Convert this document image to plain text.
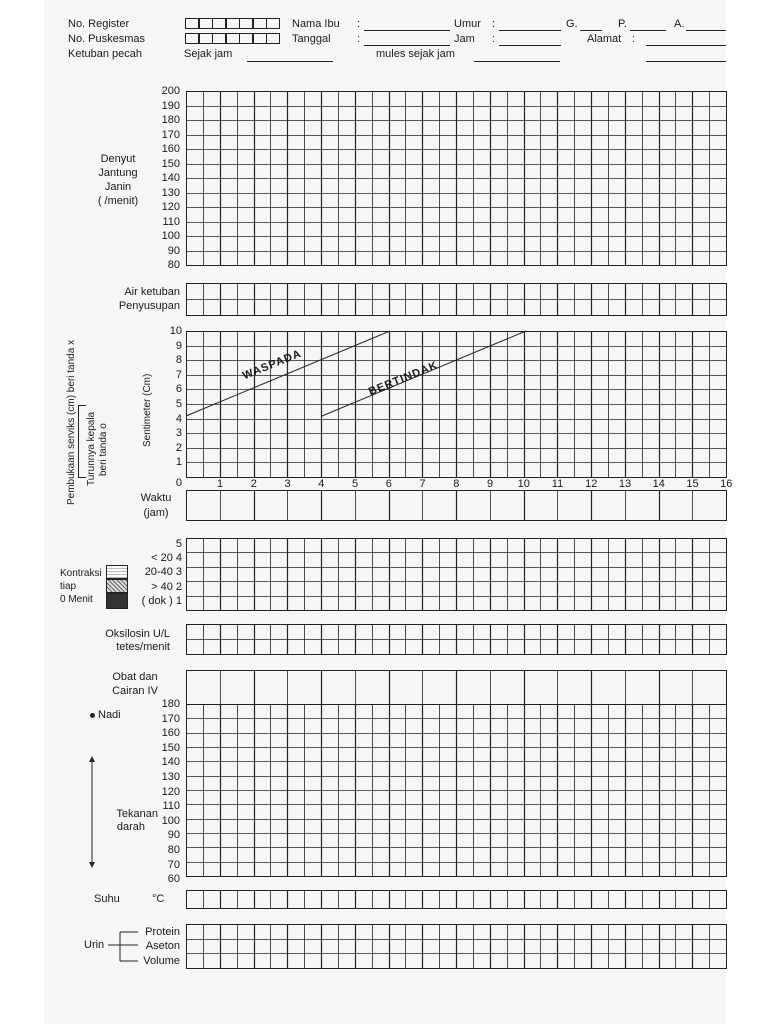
No. Register
No. Puskesmas
Ketuban pecah	Sejak jam
Nama Ibu :
Tanggal :
mules sejak jam
Umur :
Jam :
G.	P.	A.
Alamat :
Denyut
Jantung
Janin
( /menit)
200
190
180
170
160
150
140
130
120
110
100
90
80
Air ketuban
Penyusupan
Pembukaan serviks (cm) beri tanda x Turunnya kepala beri tanda o
Sentimeter (Cm)
10
9
8
7
6
5
4
3
2
1
0
WASPADA	BERTINDAK
1	2	3	4	5	6	7	8	9	10	11	12	13	14	15	16
Waktu
(jam)
Kontraksi
tiap
0 Menit
5
< 20 4
20-40 3
> 40 2
( dok ) 1
Oksilosin U/L
tetes/menit
Obat dan
Cairan IV
Nadi
Tekanan
darah
180
170
160
150
140
130
120
110
100
90
80
70
60
Suhu	°C
Urin
Protein
Aseton
Volume
